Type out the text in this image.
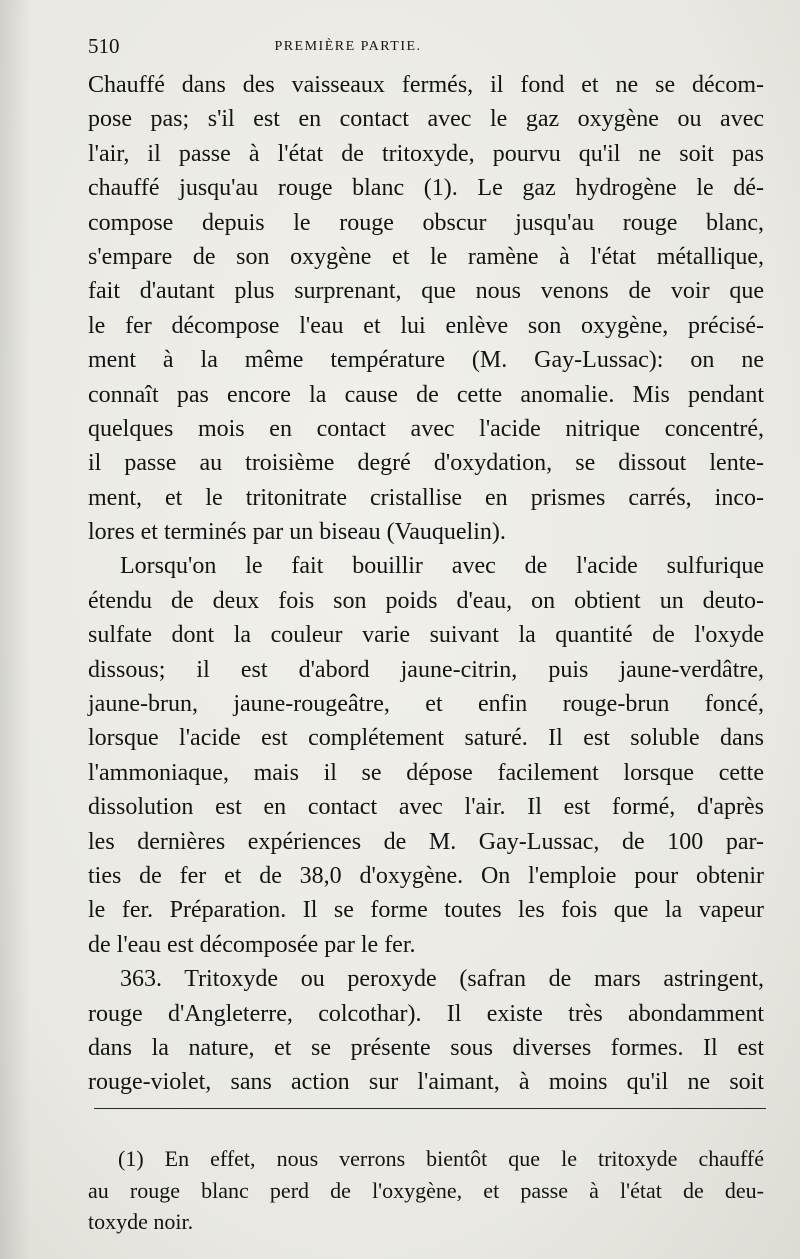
510	PREMIÈRE PARTIE.
Chauffé dans des vaisseaux fermés, il fond et ne se décom-
pose pas; s'il est en contact avec le gaz oxygène ou avec
l'air, il passe à l'état de tritoxyde, pourvu qu'il ne soit pas
chauffé jusqu'au rouge blanc (1). Le gaz hydrogène le dé-
compose depuis le rouge obscur jusqu'au rouge blanc,
s'empare de son oxygène et le ramène à l'état métallique,
fait d'autant plus surprenant, que nous venons de voir que
le fer décompose l'eau et lui enlève son oxygène, précisé-
ment à la même température (M. Gay-Lussac): on ne
connaît pas encore la cause de cette anomalie. Mis pendant
quelques mois en contact avec l'acide nitrique concentré,
il passe au troisième degré d'oxydation, se dissout lente-
ment, et le tritonitrate cristallise en prismes carrés, inco-
lores et terminés par un biseau (Vauquelin).
Lorsqu'on le fait bouillir avec de l'acide sulfurique
étendu de deux fois son poids d'eau, on obtient un deuto-
sulfate dont la couleur varie suivant la quantité de l'oxyde
dissous; il est d'abord jaune-citrin, puis jaune-verdâtre,
jaune-brun, jaune-rougeâtre, et enfin rouge-brun foncé,
lorsque l'acide est complétement saturé. Il est soluble dans
l'ammoniaque, mais il se dépose facilement lorsque cette
dissolution est en contact avec l'air. Il est formé, d'après
les dernières expériences de M. Gay-Lussac, de 100 par-
ties de fer et de 38,0 d'oxygène. On l'emploie pour obtenir
le fer. Préparation. Il se forme toutes les fois que la vapeur
de l'eau est décomposée par le fer.
363. Tritoxyde ou peroxyde (safran de mars astringent,
rouge d'Angleterre, colcothar). Il existe très abondamment
dans la nature, et se présente sous diverses formes. Il est
rouge-violet, sans action sur l'aimant, à moins qu'il ne soit
(1) En effet, nous verrons bientôt que le tritoxyde chauffé
au rouge blanc perd de l'oxygène, et passe à l'état de deu-
toxyde noir.
